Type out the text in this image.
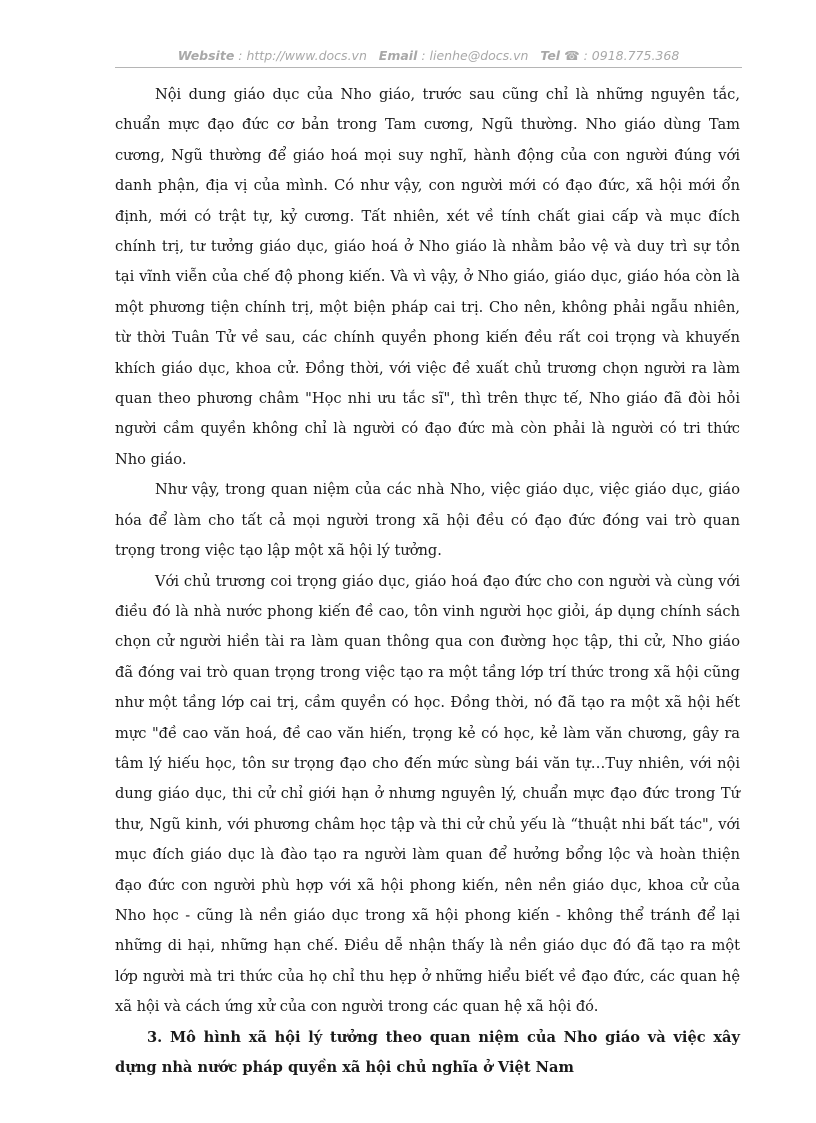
Website : http://www.docs.vn Email : lienhe@docs.vn Tel ☎ : 0918.775.368

Nội dung giáo dục của Nho giáo, trước sau cũng chỉ là những nguyên tắc, chuẩn mực đạo đức cơ bản trong Tam cương, Ngũ thường. Nho giáo dùng Tam cương, Ngũ thường để giáo hoá mọi suy nghĩ, hành động của con người đúng với danh phận, địa vị của mình. Có như vậy, con người mới có đạo đức, xã hội mới ổn định, mới có trật tự, kỷ cương. Tất nhiên, xét về tính chất giai cấp và mục đích chính trị, tư tưởng giáo dục, giáo hoá ở Nho giáo là nhằm bảo vệ và duy trì sự tồn tại vĩnh viễn của chế độ phong kiến. Và vì vậy, ở Nho giáo, giáo dục, giáo hóa còn là một phương tiện chính trị, một biện pháp cai trị. Cho nên, không phải ngẫu nhiên, từ thời Tuân Tử về sau, các chính quyền phong kiến đều rất coi trọng và khuyến khích giáo dục, khoa cử. Đồng thời, với việc đề xuất chủ trương chọn người ra làm quan theo phương châm "Học nhi ưu tắc sĩ", thì trên thực tế, Nho giáo đã đòi hỏi người cầm quyền không chỉ là người có đạo đức mà còn phải là người có tri thức Nho giáo.

Như vậy, trong quan niệm của các nhà Nho, việc giáo dục, việc giáo dục, giáo hóa để làm cho tất cả mọi người trong xã hội đều có đạo đức đóng vai trò quan trọng trong việc tạo lập một xã hội lý tưởng.

Với chủ trương coi trọng giáo dục, giáo hoá đạo đức cho con người và cùng với điều đó là nhà nước phong kiến đề cao, tôn vinh người học giỏi, áp dụng chính sách chọn cử người hiền tài ra làm quan thông qua con đường học tập, thi cử, Nho giáo đã đóng vai trò quan trọng trong việc tạo ra một tầng lớp trí thức trong xã hội cũng như một tầng lớp cai trị, cầm quyền có học. Đồng thời, nó đã tạo ra một xã hội hết mực "đề cao văn hoá, đề cao văn hiến, trọng kẻ có học, kẻ làm văn chương, gây ra tâm lý hiếu học, tôn sư trọng đạo cho đến mức sùng bái văn tự…Tuy nhiên, với nội dung giáo dục, thi cử chỉ giới hạn ở nhưng nguyên lý, chuẩn mực đạo đức trong Tứ thư, Ngũ kinh, với phương châm học tập và thi cử chủ yếu là “thuật nhi bất tác", với mục đích giáo dục là đào tạo ra người làm quan để hưởng bổng lộc và hoàn thiện đạo đức con người phù hợp với xã hội phong kiến, nên nền giáo dục, khoa cử của Nho học - cũng là nền giáo dục trong xã hội phong kiến - không thể tránh để lại những di hại, những hạn chế. Điều dễ nhận thấy là nền giáo dục đó đã tạo ra một lớp người mà tri thức của họ chỉ thu hẹp ở những hiểu biết về đạo đức, các quan hệ xã hội và cách ứng xử của con người trong các quan hệ xã hội đó.

3. Mô hình xã hội lý tưởng theo quan niệm của Nho giáo và việc xây dựng nhà nước pháp quyền xã hội chủ nghĩa ở Việt Nam
